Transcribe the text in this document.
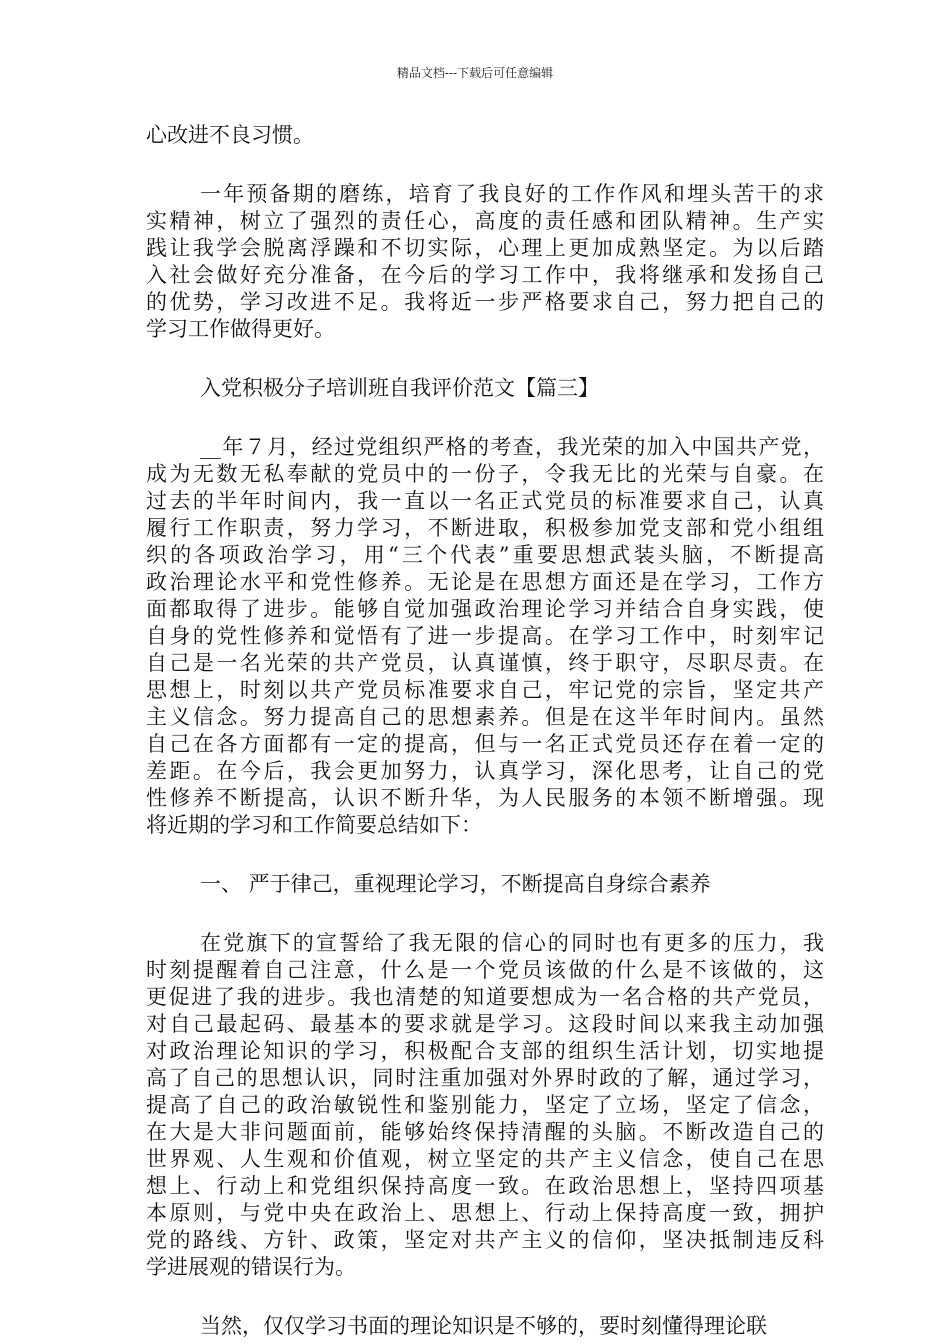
精品文档---下载后可任意编辑
心改进不良习惯。
一年预备期的磨练，培育了我良好的工作作风和埋头苦干的求
实精神，树立了强烈的责任心，高度的责任感和团队精神。生产实
践让我学会脱离浮躁和不切实际，心理上更加成熟坚定。为以后踏
入社会做好充分准备，在今后的学习工作中，我将继承和发扬自己
的优势，学习改进不足。我将近一步严格要求自己，努力把自己的
学习工作做得更好。
入党积极分子培训班自我评价范文【篇三】
__年７月，经过党组织严格的考查，我光荣的加入中国共产党，
成为无数无私奉献的党员中的一份子，令我无比的光荣与自豪。在
过去的半年时间内，我一直以一名正式党员的标准要求自己，认真
履行工作职责，努力学习，不断进取，积极参加党支部和党小组组
织的各项政治学习，用“三个代表”重要思想武装头脑，不断提高
政治理论水平和党性修养。无论是在思想方面还是在学习，工作方
面都取得了进步。能够自觉加强政治理论学习并结合自身实践，使
自身的党性修养和觉悟有了进一步提高。在学习工作中，时刻牢记
自己是一名光荣的共产党员，认真谨慎，终于职守，尽职尽责。在
思想上，时刻以共产党员标准要求自己，牢记党的宗旨，坚定共产
主义信念。努力提高自己的思想素养。但是在这半年时间内。虽然
自己在各方面都有一定的提高，但与一名正式党员还存在着一定的
差距。在今后，我会更加努力，认真学习，深化思考，让自己的党
性修养不断提高，认识不断升华，为人民服务的本领不断增强。现
将近期的学习和工作简要总结如下：
一、 严于律己，重视理论学习，不断提高自身综合素养
在党旗下的宣誓给了我无限的信心的同时也有更多的压力，我
时刻提醒着自己注意，什么是一个党员该做的什么是不该做的，这
更促进了我的进步。我也清楚的知道要想成为一名合格的共产党员，
对自己最起码、最基本的要求就是学习。这段时间以来我主动加强
对政治理论知识的学习，积极配合支部的组织生活计划，切实地提
高了自己的思想认识，同时注重加强对外界时政的了解，通过学习，
提高了自己的政治敏锐性和鉴别能力，坚定了立场，坚定了信念，
在大是大非问题面前，能够始终保持清醒的头脑。不断改造自己的
世界观、人生观和价值观，树立坚定的共产主义信念，使自己在思
想上、行动上和党组织保持高度一致。在政治思想上，坚持四项基
本原则，与党中央在政治上、思想上、行动上保持高度一致，拥护
党的路线、方针、政策，坚定对共产主义的信仰，坚决抵制违反科
学进展观的错误行为。
当然，仅仅学习书面的理论知识是不够的，要时刻懂得理论联
